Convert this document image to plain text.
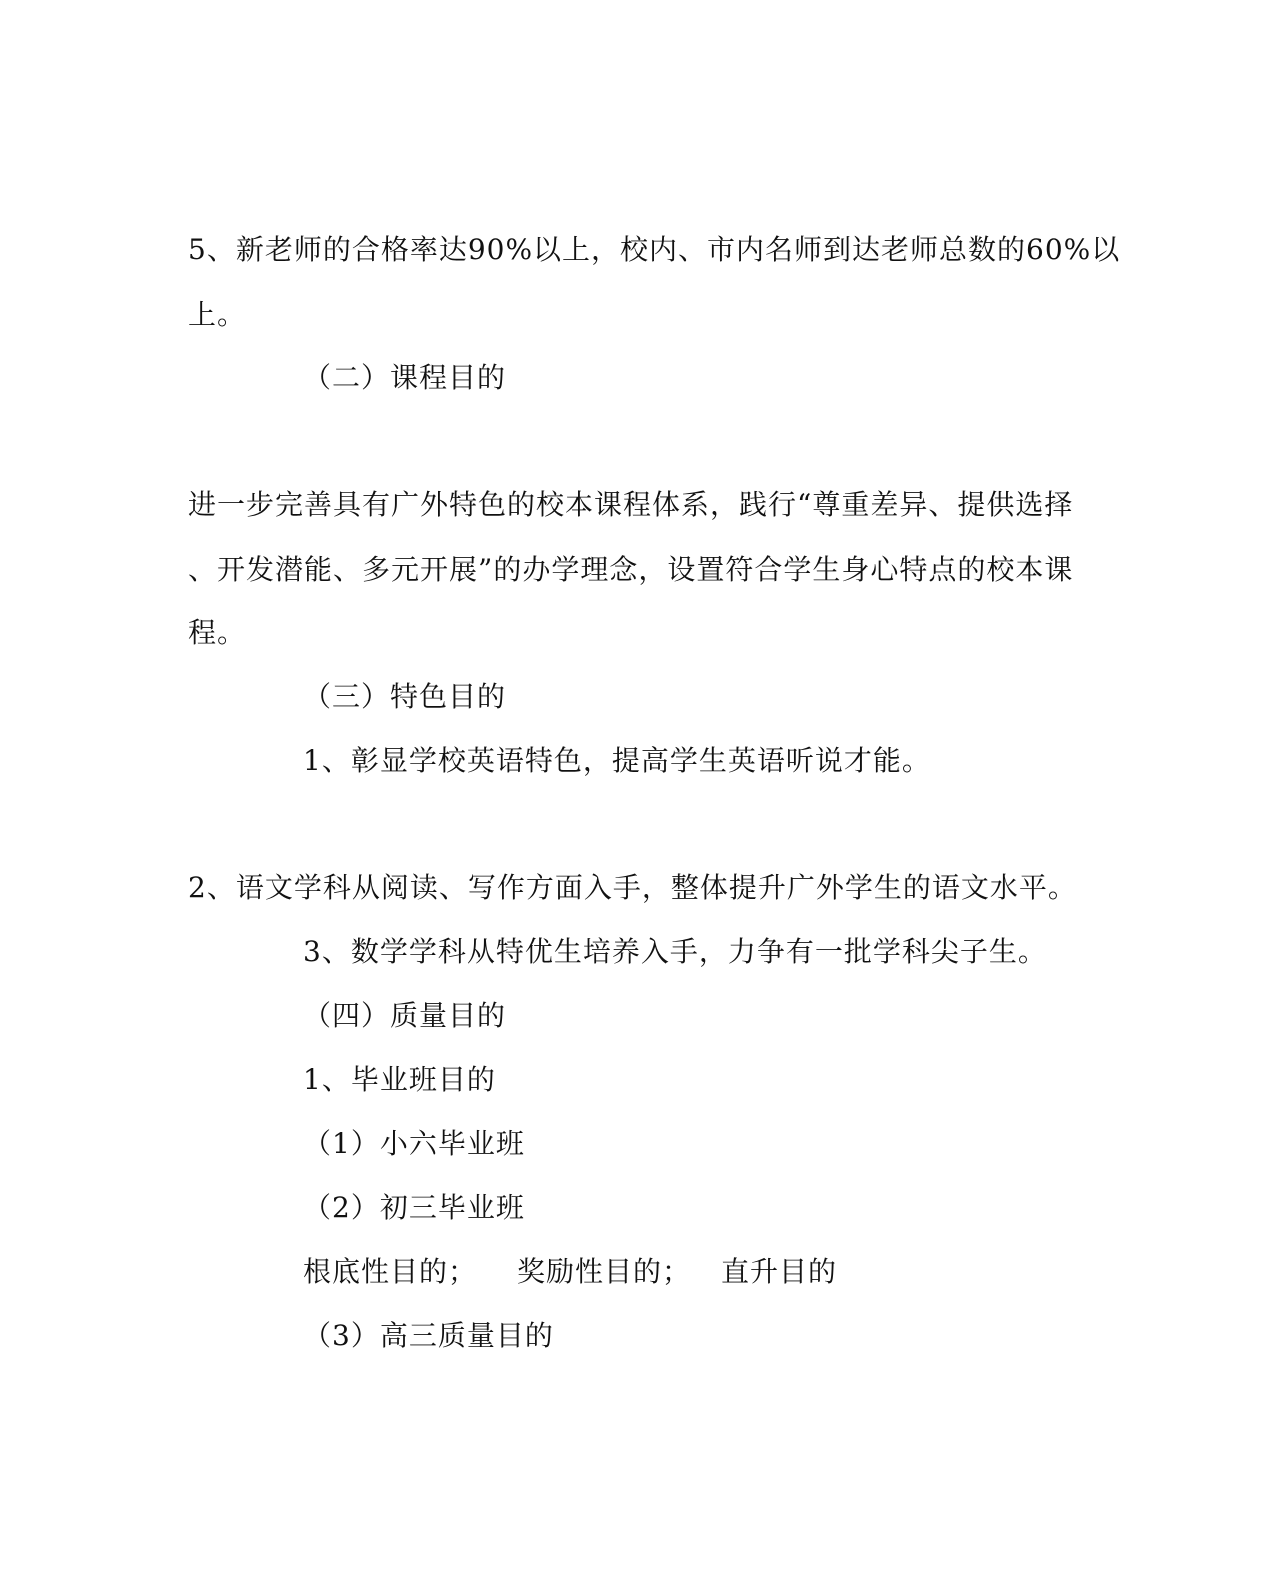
5、新老师的合格率达90%以上，校内、市内名师到达老师总数的60%以
上。
（二）课程目的
进一步完善具有广外特色的校本课程体系，践行“尊重差异、提供选择
、开发潜能、多元开展”的办学理念，设置符合学生身心特点的校本课
程。
（三）特色目的
1、彰显学校英语特色，提高学生英语听说才能。
2、语文学科从阅读、写作方面入手，整体提升广外学生的语文水平。
3、数学学科从特优生培养入手，力争有一批学科尖子生。
（四）质量目的
1、毕业班目的
（1）小六毕业班
（2）初三毕业班
根底性目的； 奖励性目的； 直升目的
（3）高三质量目的
